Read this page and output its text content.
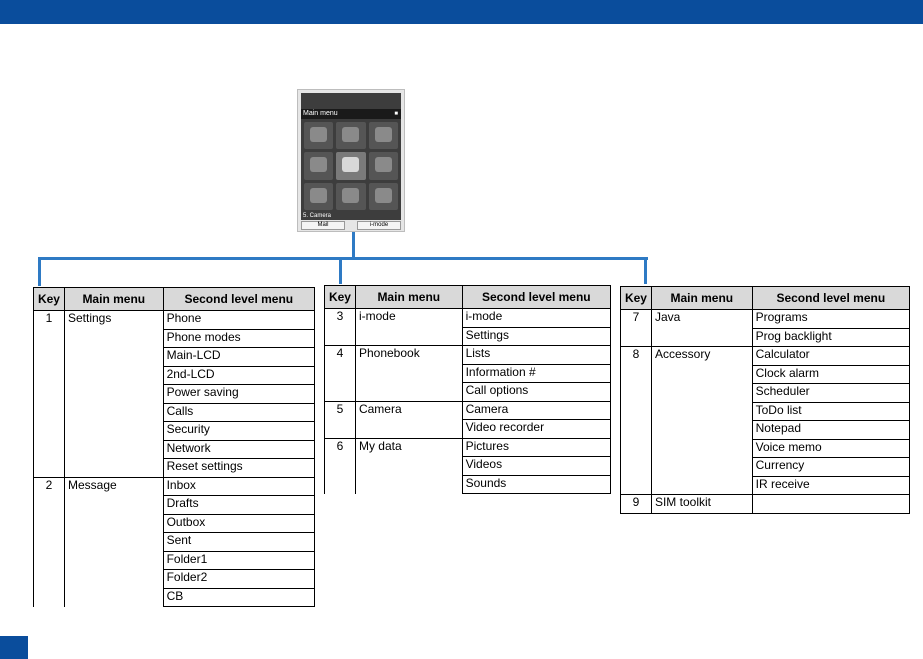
Main menu	■
5. Camera
Mail	i-mode
Key	Main menu	Second level menu
1	Settings	Phone
		Phone modes
		Main-LCD
		2nd-LCD
		Power saving
		Calls
		Security
		Network
		Reset settings
2	Message	Inbox
		Drafts
		Outbox
		Sent
		Folder1
		Folder2
		CB
Key	Main menu	Second level menu
3	i-mode	i-mode
		Settings
4	Phonebook	Lists
		Information #
		Call options
5	Camera	Camera
		Video recorder
6	My data	Pictures
		Videos
		Sounds
Key	Main menu	Second level menu
7	Java	Programs
		Prog backlight
8	Accessory	Calculator
		Clock alarm
		Scheduler
		ToDo list
		Notepad
		Voice memo
		Currency
		IR receive
9	SIM toolkit	
